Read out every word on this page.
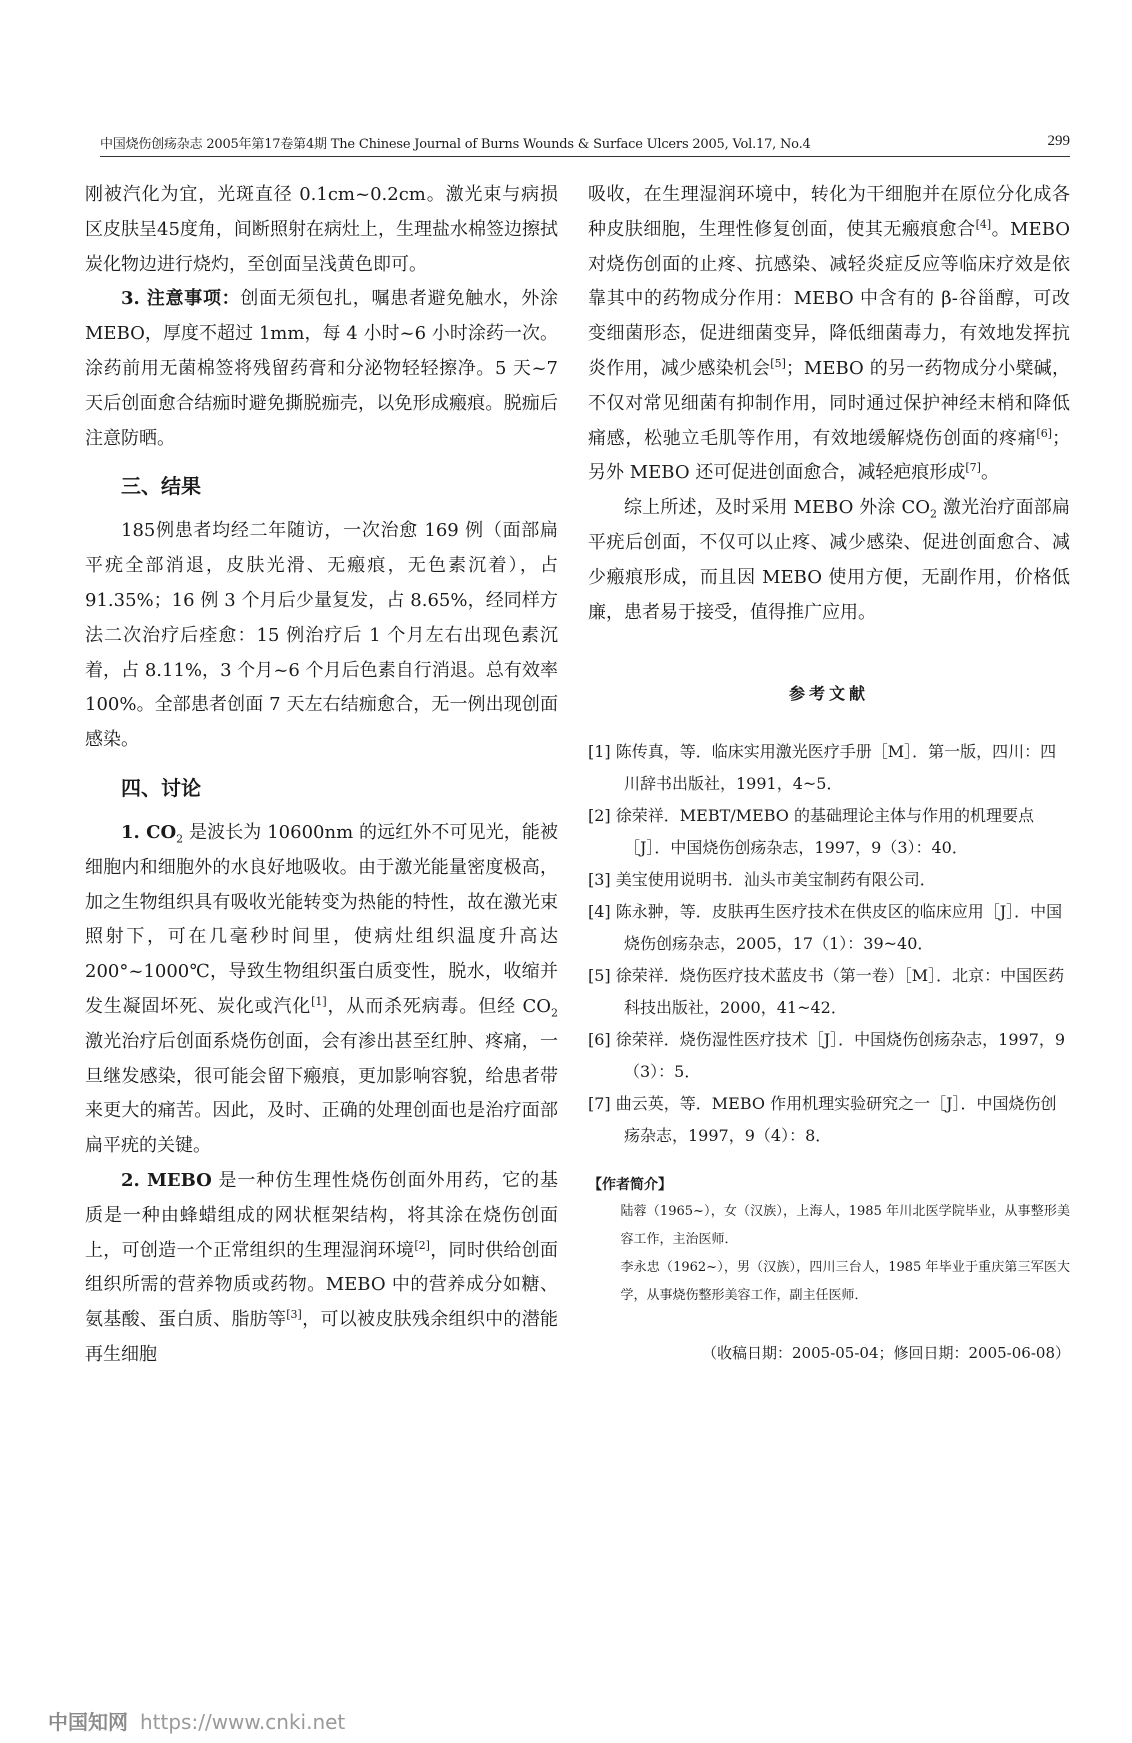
中国烧伤创疡杂志 2005年第17卷第4期 The Chinese Journal of Burns Wounds & Surface Ulcers 2005, Vol.17, No.4	299

刚被汽化为宜，光斑直径 0.1cm~0.2cm。激光束与病损区皮肤呈45度角，间断照射在病灶上，生理盐水棉签边擦拭炭化物边进行烧灼，至创面呈浅黄色即可。

3. 注意事项：创面无须包扎，嘱患者避免触水，外涂 MEBO，厚度不超过 1mm，每 4 小时~6 小时涂药一次。涂药前用无菌棉签将残留药膏和分泌物轻轻擦净。5 天~7 天后创面愈合结痂时避免撕脱痂壳，以免形成瘢痕。脱痂后注意防晒。

三、结果

185例患者均经二年随访，一次治愈 169 例（面部扁平疣全部消退，皮肤光滑、无瘢痕，无色素沉着），占 91.35%；16 例 3 个月后少量复发，占 8.65%，经同样方法二次治疗后痊愈：15 例治疗后 1 个月左右出现色素沉着，占 8.11%，3 个月~6 个月后色素自行消退。总有效率 100%。全部患者创面 7 天左右结痂愈合，无一例出现创面感染。

四、讨论

1. $CO_2$ 是波长为 10600nm 的远红外不可见光，能被细胞内和细胞外的水良好地吸收。由于激光能量密度极高，加之生物组织具有吸收光能转变为热能的特性，故在激光束照射下，可在几毫秒时间里，使病灶组织温度升高达 200°~1000℃，导致生物组织蛋白质变性，脱水，收缩并发生凝固坏死、炭化或汽化[1]，从而杀死病毒。但经 $CO_2$ 激光治疗后创面系烧伤创面，会有渗出甚至红肿、疼痛，一旦继发感染，很可能会留下瘢痕，更加影响容貌，给患者带来更大的痛苦。因此，及时、正确的处理创面也是治疗面部扁平疣的关键。

2. MEBO 是一种仿生理性烧伤创面外用药，它的基质是一种由蜂蜡组成的网状框架结构，将其涂在烧伤创面上，可创造一个正常组织的生理湿润环境[2]，同时供给创面组织所需的营养物质或药物。MEBO 中的营养成分如糖、氨基酸、蛋白质、脂肪等[3]，可以被皮肤残余组织中的潜能再生细胞

吸收，在生理湿润环境中，转化为干细胞并在原位分化成各种皮肤细胞，生理性修复创面，使其无瘢痕愈合[4]。MEBO 对烧伤创面的止疼、抗感染、减轻炎症反应等临床疗效是依靠其中的药物成分作用：MEBO 中含有的 β-谷甾醇，可改变细菌形态，促进细菌变异，降低细菌毒力，有效地发挥抗炎作用，减少感染机会[5]；MEBO 的另一药物成分小檗碱，不仅对常见细菌有抑制作用，同时通过保护神经末梢和降低痛感，松驰立毛肌等作用，有效地缓解烧伤创面的疼痛[6]；另外 MEBO 还可促进创面愈合，减轻疤痕形成[7]。

综上所述，及时采用 MEBO 外涂 $CO_2$ 激光治疗面部扁平疣后创面，不仅可以止疼、减少感染、促进创面愈合、减少瘢痕形成，而且因 MEBO 使用方便，无副作用，价格低廉，患者易于接受，值得推广应用。

参考文献
[1] 陈传真，等．临床实用激光医疗手册［M］．第一版，四川：四川辞书出版社，1991，4~5．
[2] 徐荣祥．MEBT/MEBO 的基础理论主体与作用的机理要点［J］．中国烧伤创疡杂志，1997，9（3）：40．
[3] 美宝使用说明书．汕头市美宝制药有限公司．
[4] 陈永翀，等．皮肤再生医疗技术在供皮区的临床应用［J］．中国烧伤创疡杂志，2005，17（1）：39~40．
[5] 徐荣祥．烧伤医疗技术蓝皮书（第一卷）［M］．北京：中国医药科技出版社，2000，41~42．
[6] 徐荣祥．烧伤湿性医疗技术［J］．中国烧伤创疡杂志，1997，9（3）：5．
[7] 曲云英，等．MEBO 作用机理实验研究之一［J］．中国烧伤创疡杂志，1997，9（4）：8．
【作者简介】
陆蓉（1965~），女（汉族），上海人，1985 年川北医学院毕业，从事整形美容工作，主治医师．
李永忠（1962~），男（汉族），四川三台人，1985 年毕业于重庆第三军医大学，从事烧伤整形美容工作，副主任医师．
（收稿日期：2005-05-04；修回日期：2005-06-08）
中国知网 https://www.cnki.net
